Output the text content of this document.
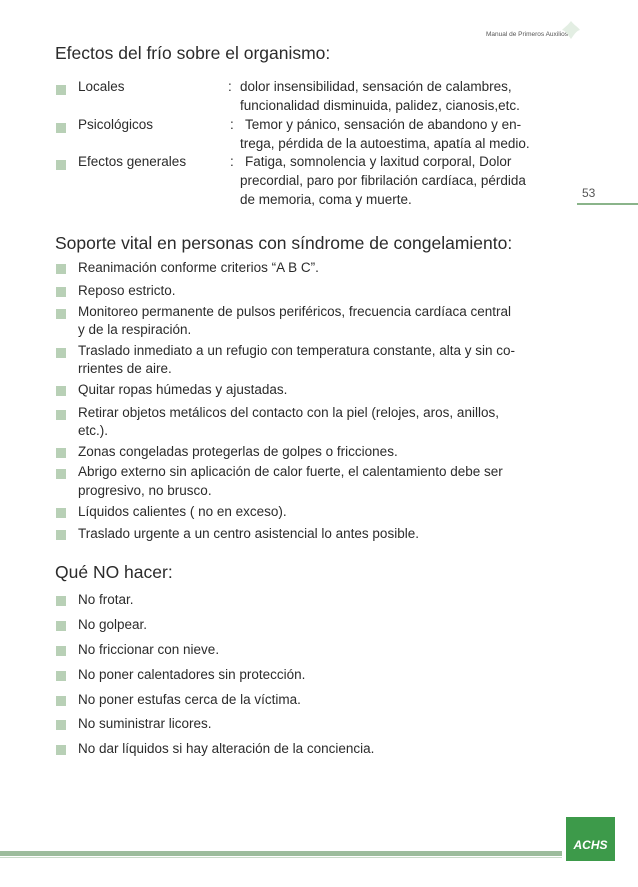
Manual de Primeros Auxilios
53
Efectos del frío sobre el organismo:
Locales	: dolor insensibilidad, sensación de calambres,
funcionalidad disminuida, palidez, cianosis,etc.
Psicológicos	: Temor y pánico, sensación de abandono y en-
trega, pérdida de la autoestima, apatía al medio.
Efectos generales	: Fatiga, somnolencia y laxitud corporal, Dolor
precordial, paro por fibrilación cardíaca, pérdida
de memoria, coma y muerte.
Soporte vital en personas con síndrome de congelamiento:
Reanimación conforme criterios “A B C”.
Reposo estricto.
Monitoreo permanente de pulsos periféricos, frecuencia cardíaca central
y de la respiración.
Traslado inmediato a un refugio con temperatura constante, alta y sin co-
rrientes de aire.
Quitar ropas húmedas y ajustadas.
Retirar objetos metálicos del contacto con la piel (relojes, aros, anillos,
etc.).
Zonas congeladas protegerlas de golpes o fricciones.
Abrigo externo sin aplicación de calor fuerte, el calentamiento debe ser
progresivo, no brusco.
Líquidos calientes ( no en exceso).
Traslado urgente a un centro asistencial lo antes posible.
Qué NO hacer:
No frotar.
No golpear.
No friccionar con nieve.
No poner calentadores sin protección.
No poner estufas cerca de la víctima.
No suministrar licores.
No dar líquidos si hay alteración de la conciencia.
ACHS
